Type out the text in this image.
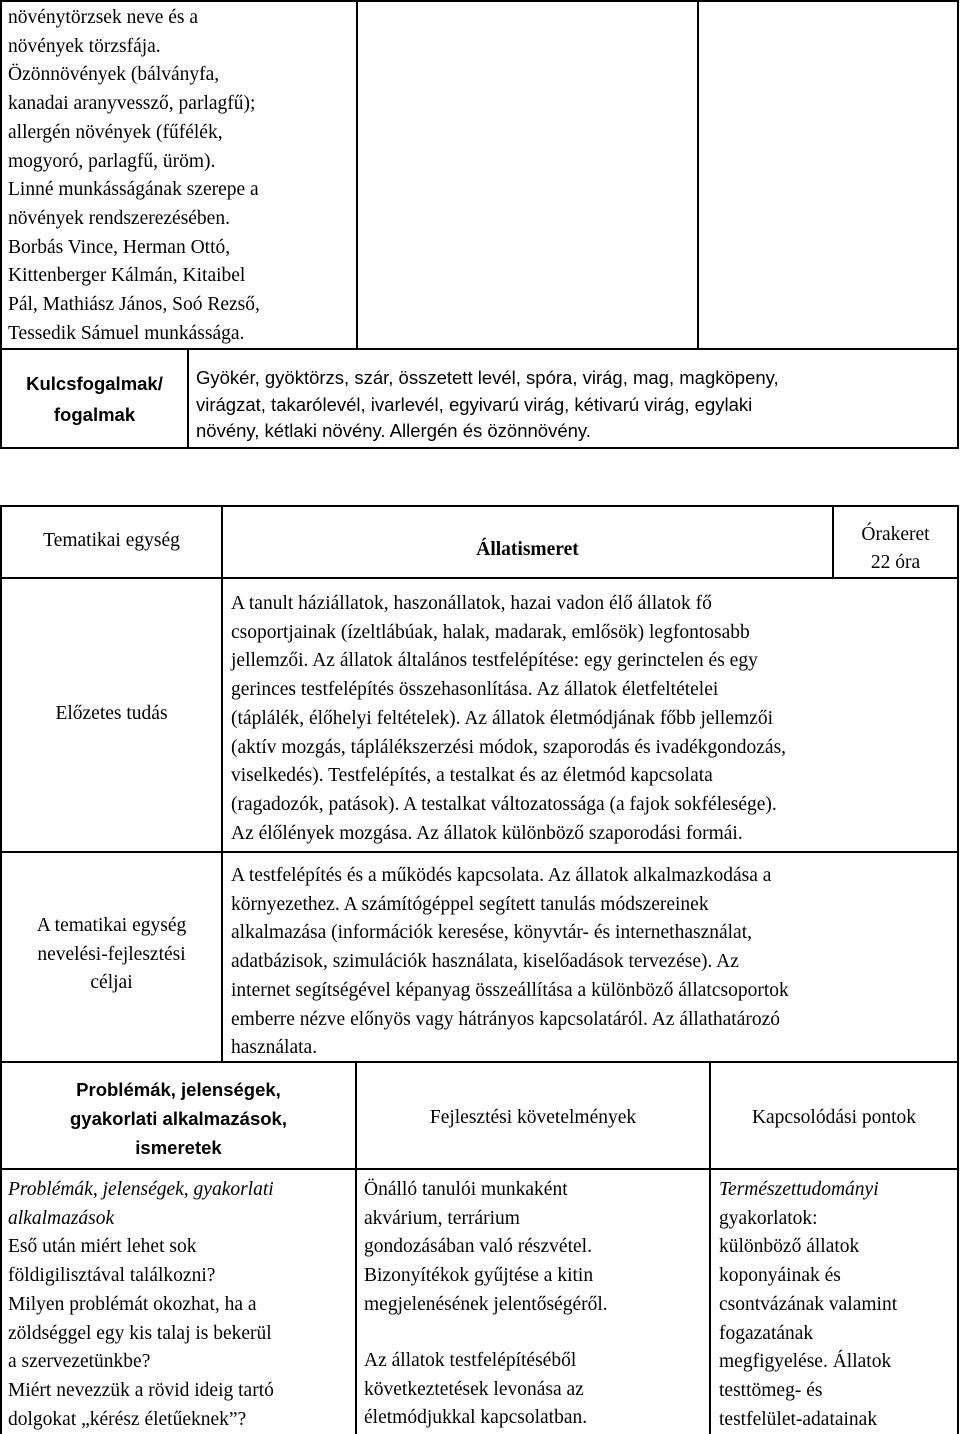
növénytörzsek neve és a
növények törzsfája.
Özönnövények (bálványfa,
kanadai aranyvessző, parlagfű);
allergén növények (fűfélék,
mogyoró, parlagfű, üröm).
Linné munkásságának szerepe a
növények rendszerezésében.
Borbás Vince, Herman Ottó,
Kittenberger Kálmán, Kitaibel
Pál, Mathiász János, Soó Rezső,
Tessedik Sámuel munkássága.
Kulcsfogalmak/
fogalmak
Gyökér, gyöktörzs, szár, összetett levél, spóra, virág, mag, magköpeny,
virágzat, takarólevél, ivarlevél, egyivarú virág, kétivarú virág, egylaki
növény, kétlaki növény. Allergén és özönnövény.
Tematikai egység	Állatismeret
Órakeret
22 óra
Előzetes tudás
A tanult háziállatok, haszonállatok, hazai vadon élő állatok fő
csoportjainak (ízeltlábúak, halak, madarak, emlősök) legfontosabb
jellemzői. Az állatok általános testfelépítése: egy gerinctelen és egy
gerinces testfelépítés összehasonlítása. Az állatok életfeltételei
(táplálék, élőhelyi feltételek). Az állatok életmódjának főbb jellemzői
(aktív mozgás, táplálékszerzési módok, szaporodás és ivadékgondozás,
viselkedés). Testfelépítés, a testalkat és az életmód kapcsolata
(ragadozók, patások). A testalkat változatossága (a fajok sokfélesége).
Az élőlények mozgása. Az állatok különböző szaporodási formái.
A tematikai egység
nevelési-fejlesztési
céljai
A testfelépítés és a működés kapcsolata. Az állatok alkalmazkodása a
környezethez. A számítógéppel segített tanulás módszereinek
alkalmazása (információk keresése, könyvtár- és internethasználat,
adatbázisok, szimulációk használata, kiselőadások tervezése). Az
internet segítségével képanyag összeállítása a különböző állatcsoportok
emberre nézve előnyös vagy hátrányos kapcsolatáról. Az állathatározó
használata.
Problémák, jelenségek,
gyakorlati alkalmazások,
ismeretek
Fejlesztési követelmények	Kapcsolódási pontok
Problémák, jelenségek, gyakorlati
alkalmazások
Eső után miért lehet sok
földigilisztával találkozni?
Milyen problémát okozhat, ha a
zöldséggel egy kis talaj is bekerül
a szervezetünkbe?
Miért nevezzük a rövid ideig tartó
dolgokat „kérész életűeknek”?
Önálló tanulói munkaként
akvárium, terrárium
gondozásában való részvétel.
Bizonyítékok gyűjtése a kitin
megjelenésének jelentőségéről.
Az állatok testfelépítéséből
következtetések levonása az
életmódjukkal kapcsolatban.
Természettudományi
gyakorlatok:
különböző állatok
koponyáinak és
csontvázának valamint
fogazatának
megfigyelése. Állatok
testtömeg- és
testfelület-adatainak
